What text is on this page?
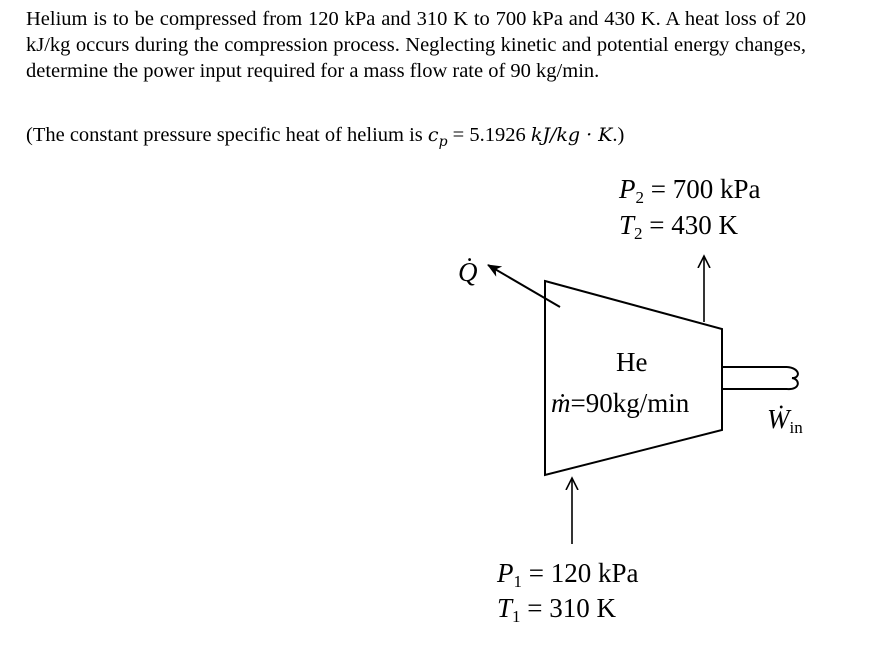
Helium is to be compressed from 120 kPa and 310 K to 700 kPa and 430 K. A heat loss of 20 kJ/kg occurs during the compression process. Neglecting kinetic and potential energy changes, determine the power input required for a mass flow rate of 90 kg/min.

(The constant pressure specific heat of helium is $c_p = 5.1926$ kJ/kg · K.)

$P_2 = 700$ kPa
$T_2 = 430$ K
Q̇
He
ṁ=90kg/min
Ẇ$_{in}$
$P_1 = 120$ kPa
$T_1 = 310$ K
